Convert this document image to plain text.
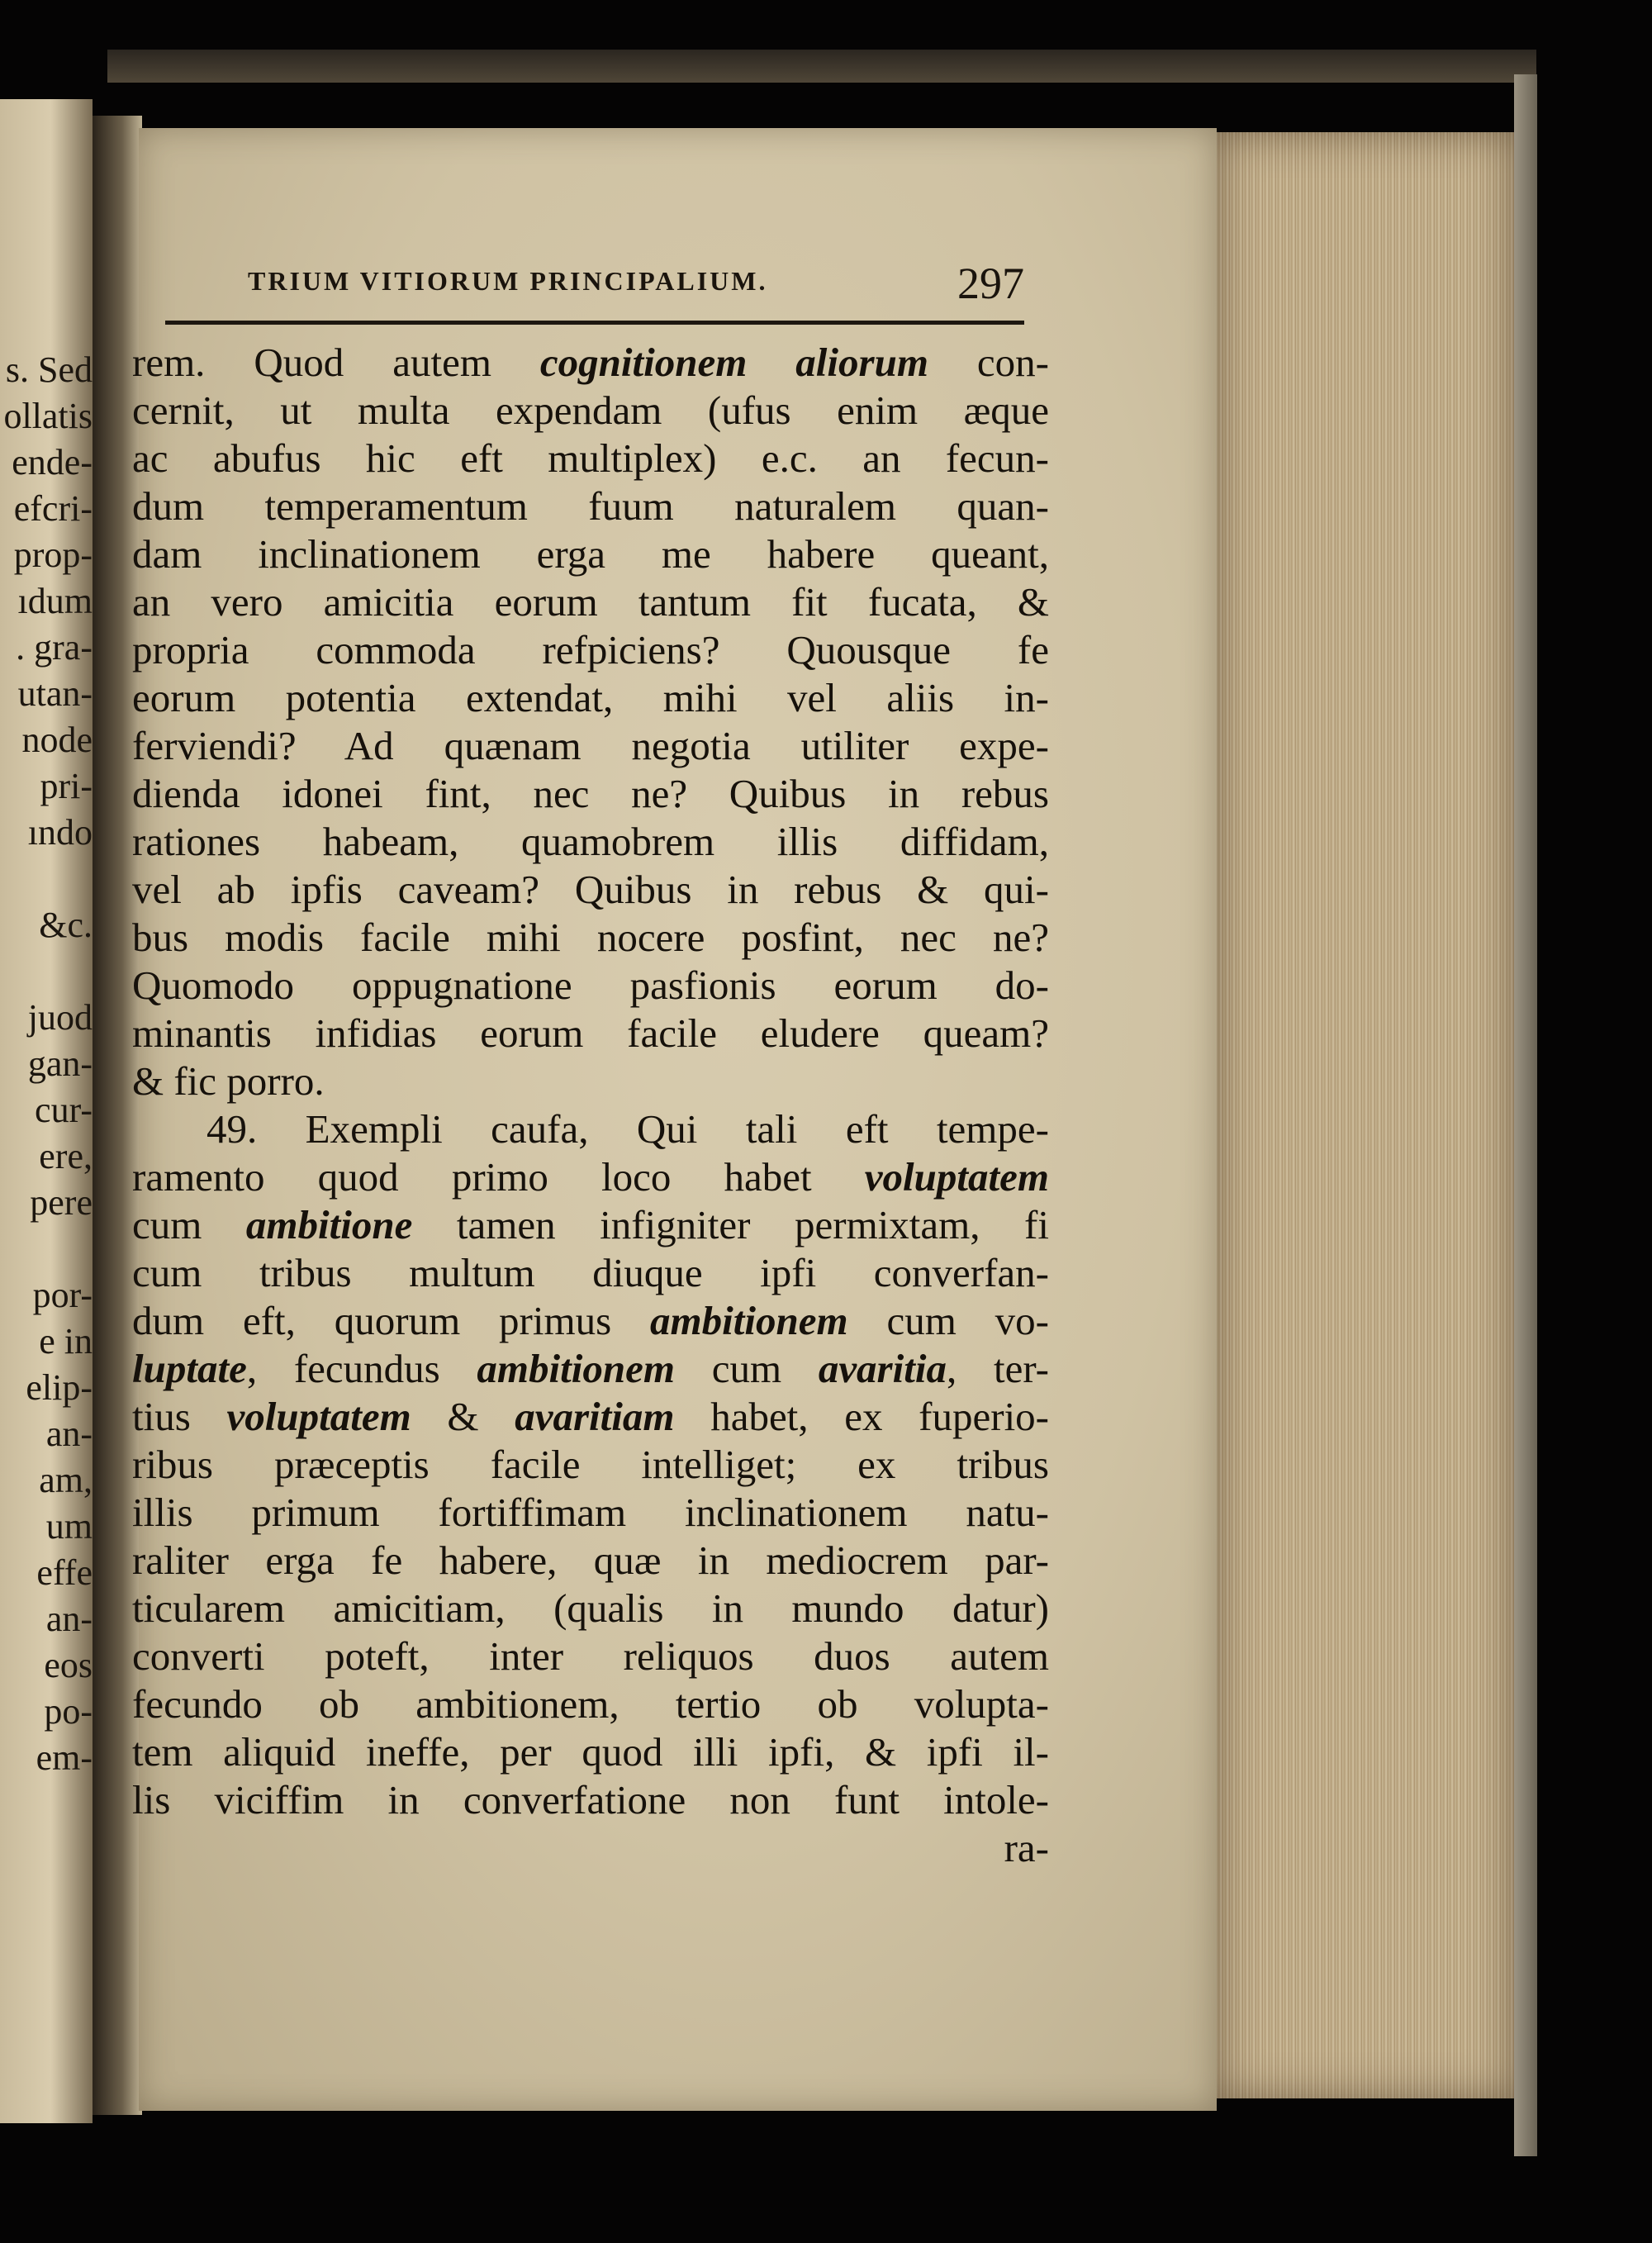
s. Sed
ollatis
ende-
efcri-
prop-
ıdum
. gra-
utan-
node
pri-
ındo
&c.
juod
gan-
cur-
ere,
pere
por-
e in
elip-
an-
am,
um
effe
an-
eos
po-
em-
TRIUM VITIORUM PRINCIPALIUM.	297
rem. Quod autem cognitionem aliorum con-
cernit, ut multa expendam (ufus enim æque
ac abufus hic eft multiplex) e.c. an fecun-
dum temperamentum fuum naturalem quan-
dam inclinationem erga me habere queant,
an vero amicitia eorum tantum fit fucata, &
propria commoda refpiciens? Quousque fe
eorum potentia extendat, mihi vel aliis in-
ferviendi? Ad quænam negotia utiliter expe-
dienda idonei fint, nec ne? Quibus in rebus
rationes habeam, quamobrem illis diffidam,
vel ab ipfis caveam? Quibus in rebus & qui-
bus modis facile mihi nocere posfint, nec ne?
Quomodo oppugnatione pasfionis eorum do-
minantis infidias eorum facile eludere queam?
& fic porro.
49. Exempli caufa, Qui tali eft tempe-
ramento quod primo loco habet voluptatem
cum ambitione tamen infigniter permixtam, fi
cum tribus multum diuque ipfi converfan-
dum eft, quorum primus ambitionem cum vo-
luptate, fecundus ambitionem cum avaritia, ter-
tius voluptatem & avaritiam habet, ex fuperio-
ribus præceptis facile intelliget; ex tribus
illis primum fortiffimam inclinationem natu-
raliter erga fe habere, quæ in mediocrem par-
ticularem amicitiam, (qualis in mundo datur)
converti poteft, inter reliquos duos autem
fecundo ob ambitionem, tertio ob volupta-
tem aliquid ineffe, per quod illi ipfi, & ipfi il-
lis viciffim in converfatione non funt intole-
ra-
